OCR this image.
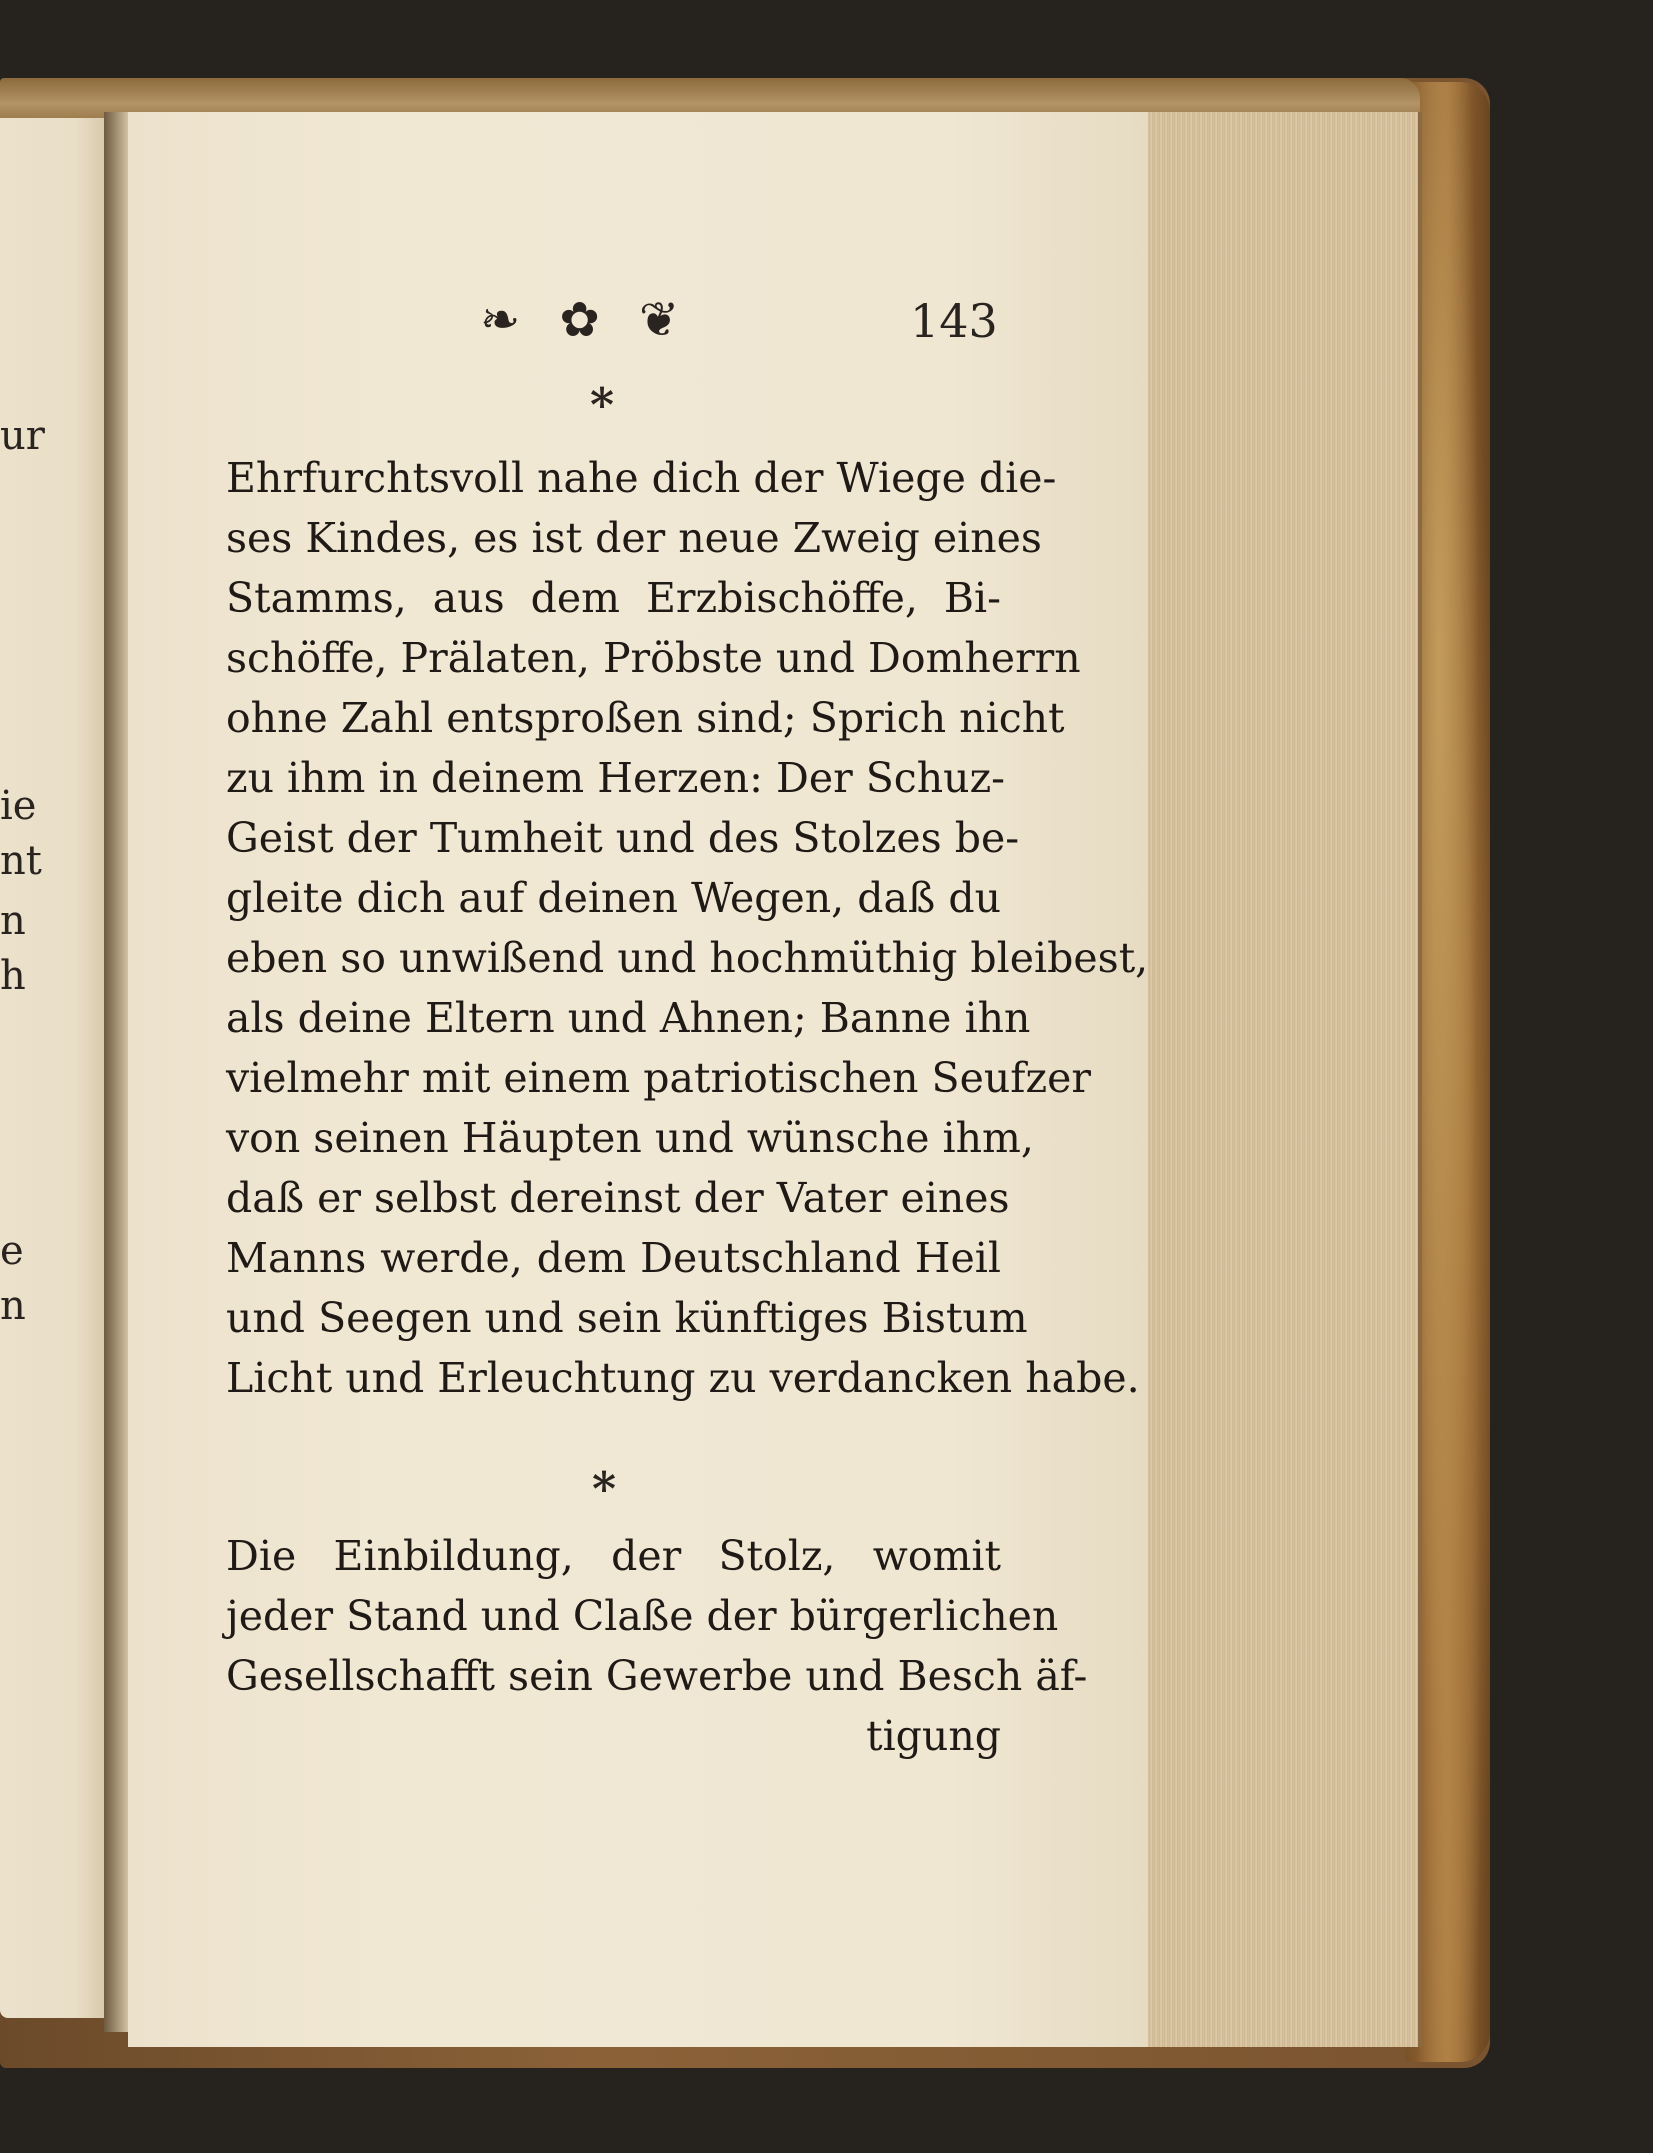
ur
ie
n
nt
h
e
n
❧ ✿ ❦	143
*
Ehrfurchtsvoll nahe dich der Wiege die-
ses Kindes, es ist der neue Zweig eines
Stamms, aus dem Erzbischöffe, Bi-
schöffe, Prälaten, Pröbste und Domherrn
ohne Zahl entsproßen sind; Sprich nicht
zu ihm in deinem Herzen: Der Schuz-
Geist der Tumheit und des Stolzes be-
gleite dich auf deinen Wegen, daß du
eben so unwißend und hochmüthig bleibest,
als deine Eltern und Ahnen; Banne ihn
vielmehr mit einem patriotischen Seufzer
von seinen Häupten und wünsche ihm,
daß er selbst dereinst der Vater eines
Manns werde, dem Deutschland Heil
und Seegen und sein künftiges Bistum
Licht und Erleuchtung zu verdancken habe.
*
Die Einbildung, der Stolz, womit
jeder Stand und Claße der bürgerlichen
Gesellschafft sein Gewerbe und Besch äf-
tigung
